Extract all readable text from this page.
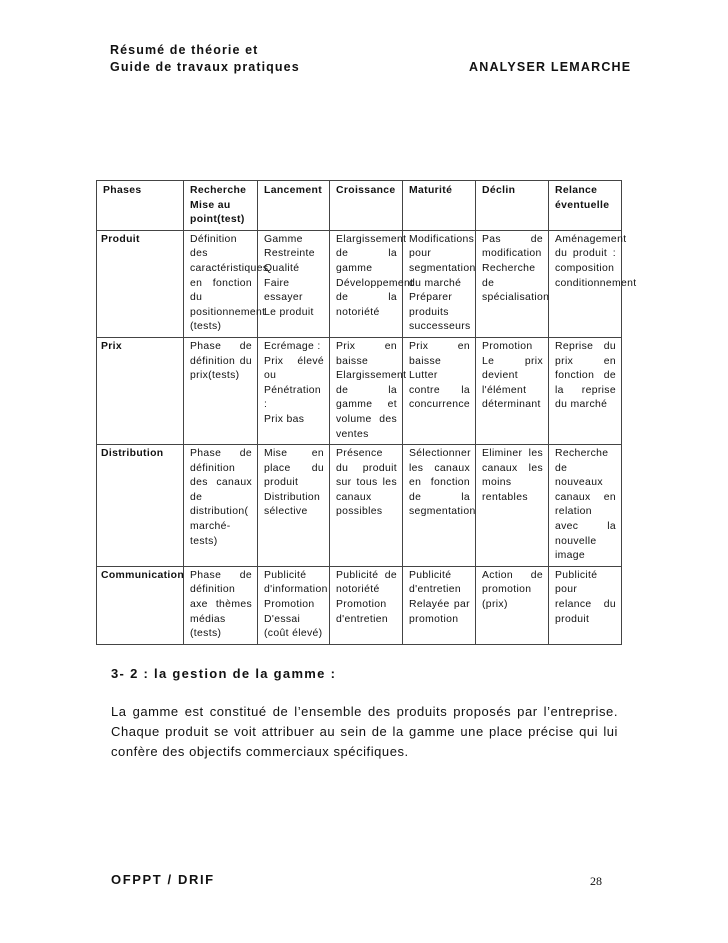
Résumé de théorie et
Guide de travaux pratiques	ANALYSER LEMARCHE
Phases	Recherche Mise au point(test)	Lancement	Croissance	Maturité	Déclin	Relance éventuelle
Produit	Définition des caractéristiques en fonction du positionnement (tests)	Gamme Restreinte
Qualité
Faire essayer
Le produit	Elargissement de la gamme Développement de la notoriété	Modifications pour segmentation du marché
Préparer produits successeurs	Pas de modification Recherche de spécialisation	Aménagement du produit : composition conditionnement
Prix	Phase de définition du prix(tests)	Ecrémage :
Prix élevé ou
Pénétration :
Prix bas	Prix en baisse Elargissement de la gamme et volume des ventes	Prix en baisse Lutter contre la concurrence	Promotion Le prix devient l'élément déterminant	Reprise du prix en fonction de la reprise du marché
Distribution	Phase de définition des canaux de distribution( marché- tests)	Mise en place du produit Distribution sélective	Présence du produit sur tous les canaux possibles	Sélectionner les canaux en fonction de la segmentation	Eliminer les canaux les moins rentables	Recherche de nouveaux canaux en relation avec la nouvelle image
Communication	Phase de définition axe thèmes médias (tests)	Publicité d'information
Promotion
D'essai
(coût élevé)	Publicité de notoriété
Promotion d'entretien	Publicité d'entretien Relayée par promotion	Action de promotion (prix)	Publicité pour relance du produit
3- 2 : la gestion de la gamme :

La gamme est constitué de l’ensemble des produits proposés par l’entreprise. Chaque produit se voit attribuer au sein de la gamme une place précise qui lui confère des objectifs commerciaux spécifiques.

OFPPT / DRIF	28
